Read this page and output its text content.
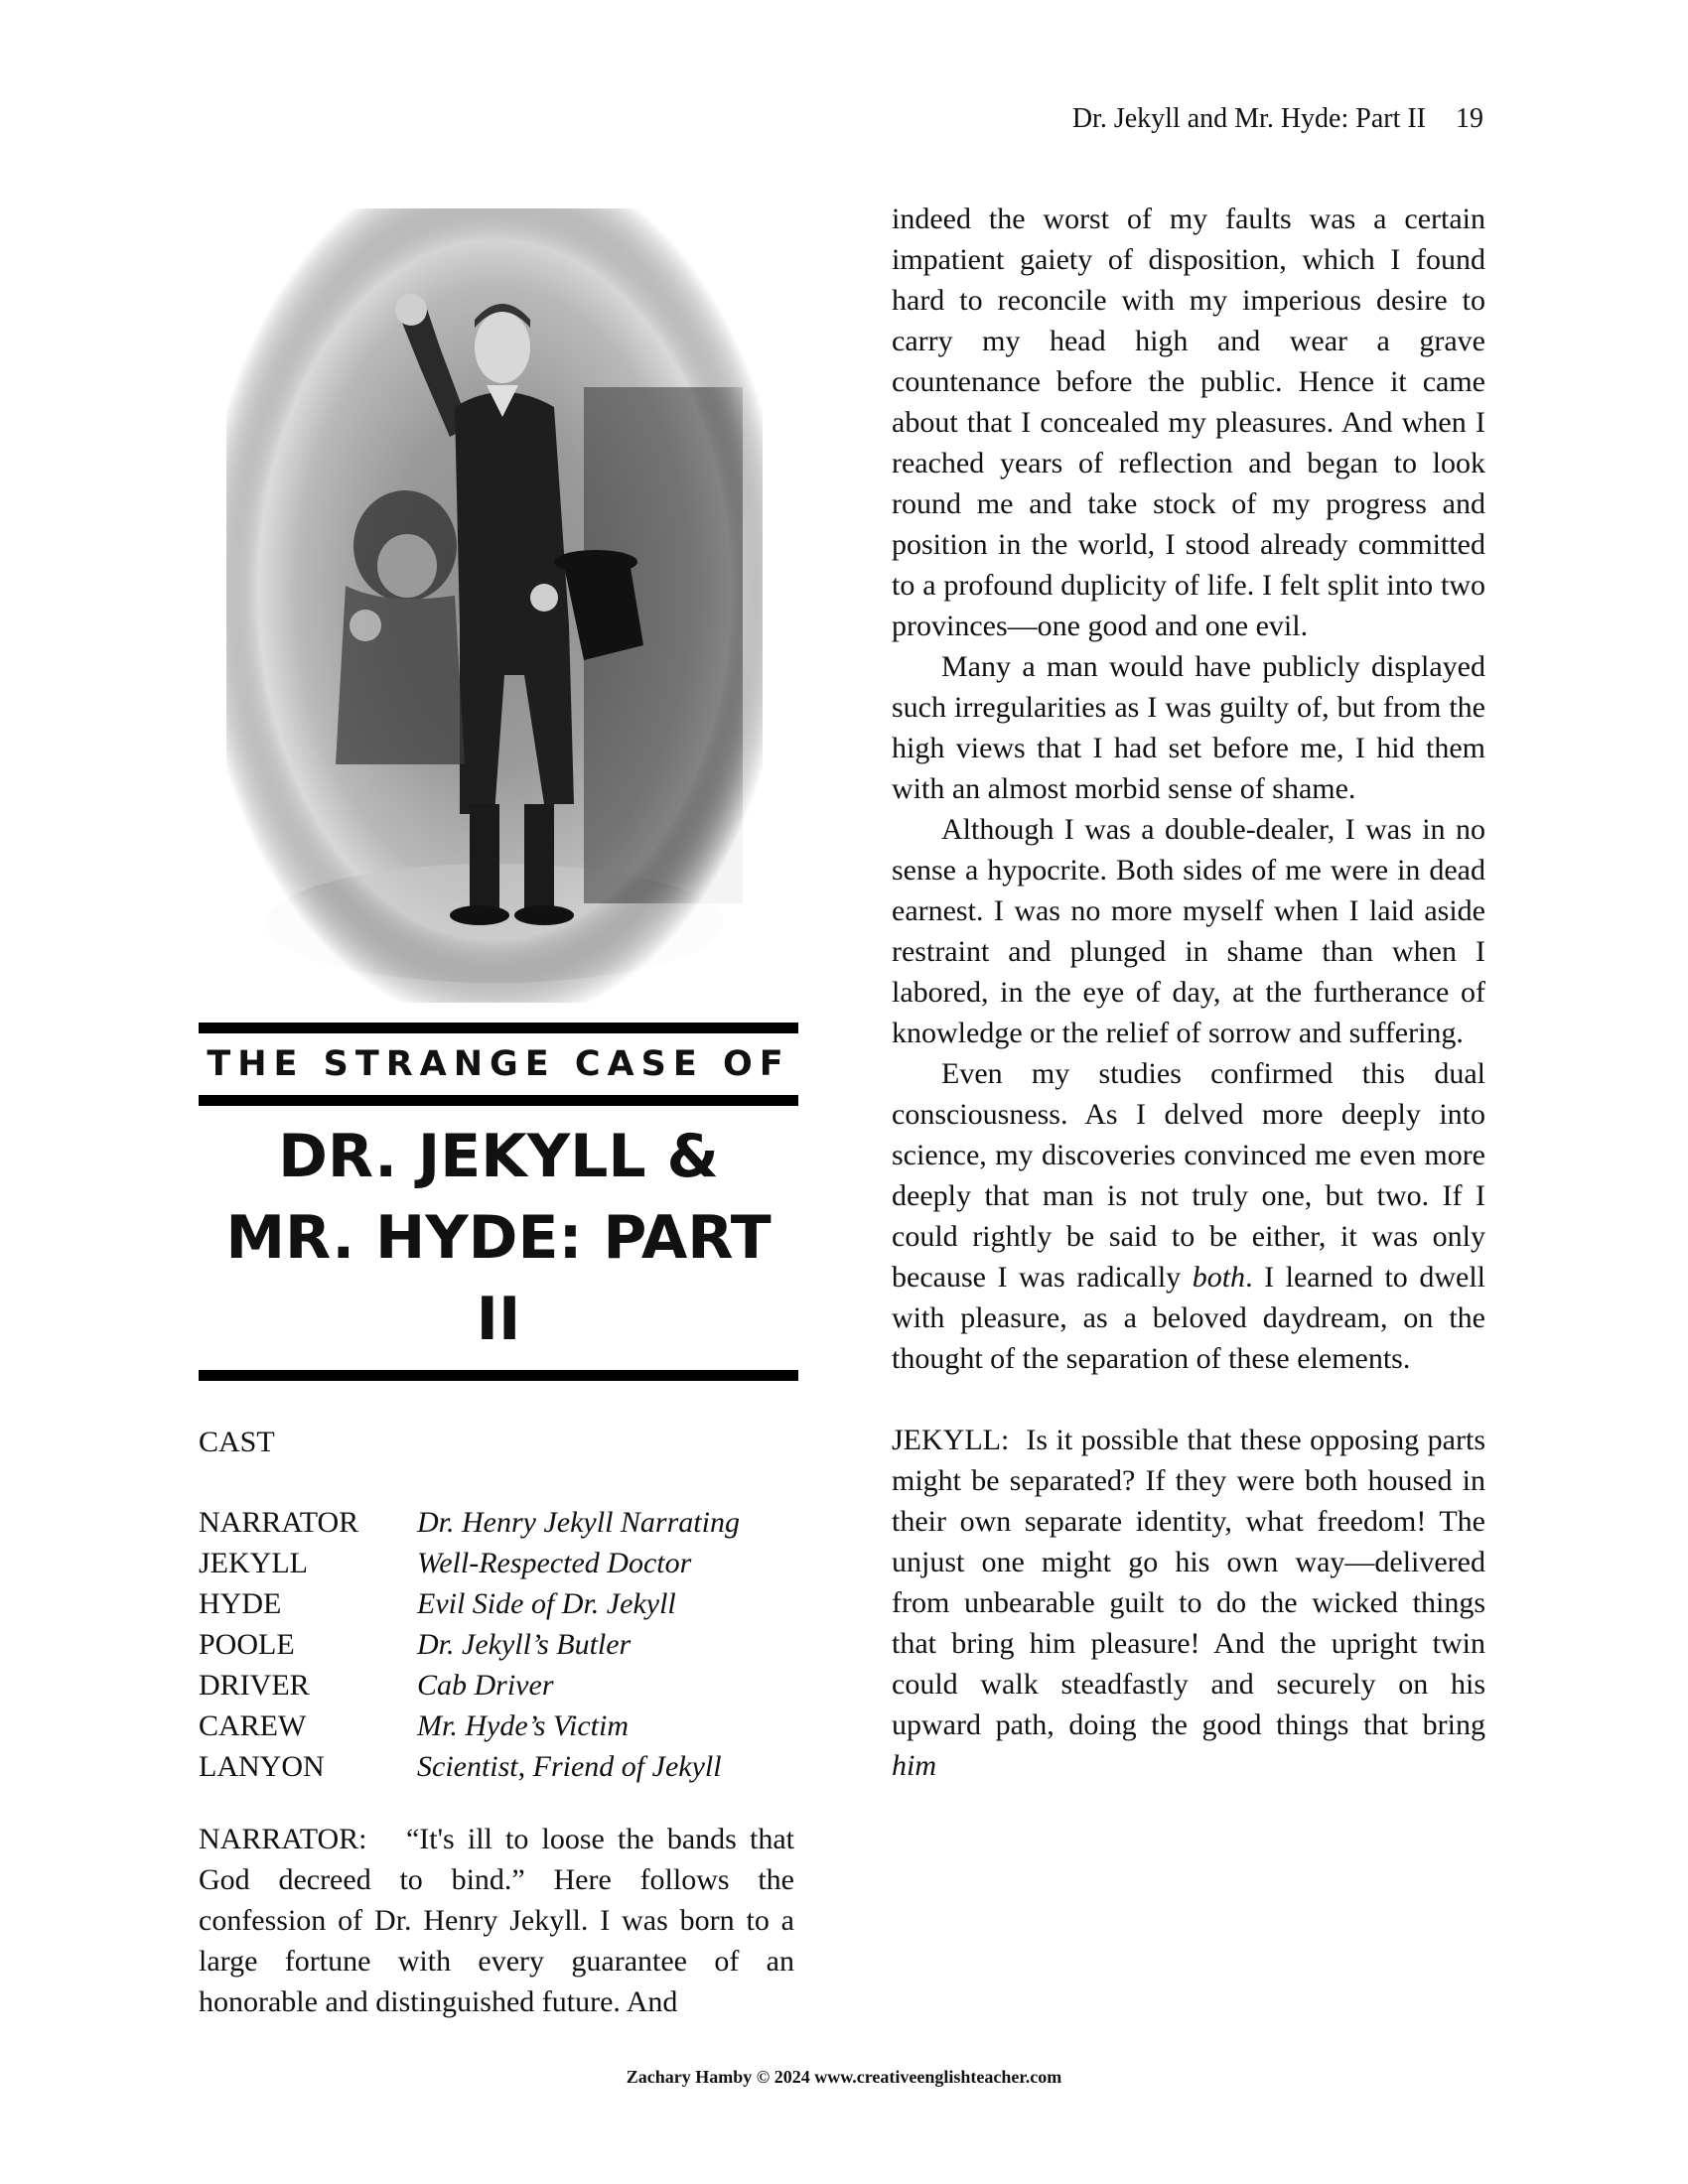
Dr. Jekyll and Mr. Hyde: Part II 19
THE STRANGE CASE OF
DR. JEKYLL &
MR. HYDE: PART II
CAST
NARRATOR	Dr. Henry Jekyll Narrating
JEKYLL	Well-Respected Doctor
HYDE	Evil Side of Dr. Jekyll
POOLE	Dr. Jekyll’s Butler
DRIVER	Cab Driver
CAREW	Mr. Hyde’s Victim
LANYON	Scientist, Friend of Jekyll

NARRATOR: “It's ill to loose the bands that God decreed to bind.” Here follows the confession of Dr. Henry Jekyll. I was born to a large fortune with every guarantee of an honorable and distinguished future. And

indeed the worst of my faults was a certain impatient gaiety of disposition, which I found hard to reconcile with my imperious desire to carry my head high and wear a grave countenance before the public. Hence it came about that I concealed my pleasures. And when I reached years of reflection and began to look round me and take stock of my progress and position in the world, I stood already committed to a profound duplicity of life. I felt split into two provinces—one good and one evil.

Many a man would have publicly displayed such irregularities as I was guilty of, but from the high views that I had set before me, I hid them with an almost morbid sense of shame.

Although I was a double-dealer, I was in no sense a hypocrite. Both sides of me were in dead earnest. I was no more myself when I laid aside restraint and plunged in shame than when I labored, in the eye of day, at the furtherance of knowledge or the relief of sorrow and suffering.

Even my studies confirmed this dual consciousness. As I delved more deeply into science, my discoveries convinced me even more deeply that man is not truly one, but two. If I could rightly be said to be either, it was only because I was radically both. I learned to dwell with pleasure, as a beloved daydream, on the thought of the separation of these elements.

JEKYLL: Is it possible that these opposing parts might be separated? If they were both housed in their own separate identity, what freedom! The unjust one might go his own way—delivered from unbearable guilt to do the wicked things that bring him pleasure! And the upright twin could walk steadfastly and securely on his upward path, doing the good things that bring him

Zachary Hamby © 2024 www.creativeenglishteacher.com
